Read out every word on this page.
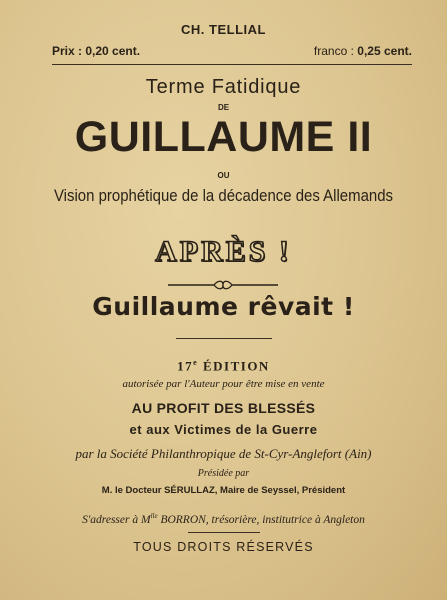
CH. TELLIAL
Prix : 0,20 cent.	franco : 0,25 cent.
Terme Fatidique
DE
GUILLAUME II
OU
Vision prophétique de la décadence des Allemands
APRÈS !
Guillaume rêvait !
17e ÉDITION
autorisée par l'Auteur pour être mise en vente
AU PROFIT DES BLESSÉS
et aux Victimes de la Guerre
par la Société Philanthropique de St-Cyr-Anglefort (Ain)
Présidée par
M. le Docteur SÉRULLAZ, Maire de Seyssel, Président
S'adresser à $M^{lle}$ BORRON, trésorière, institutrice à Angleton
TOUS DROITS RÉSERVÉS
